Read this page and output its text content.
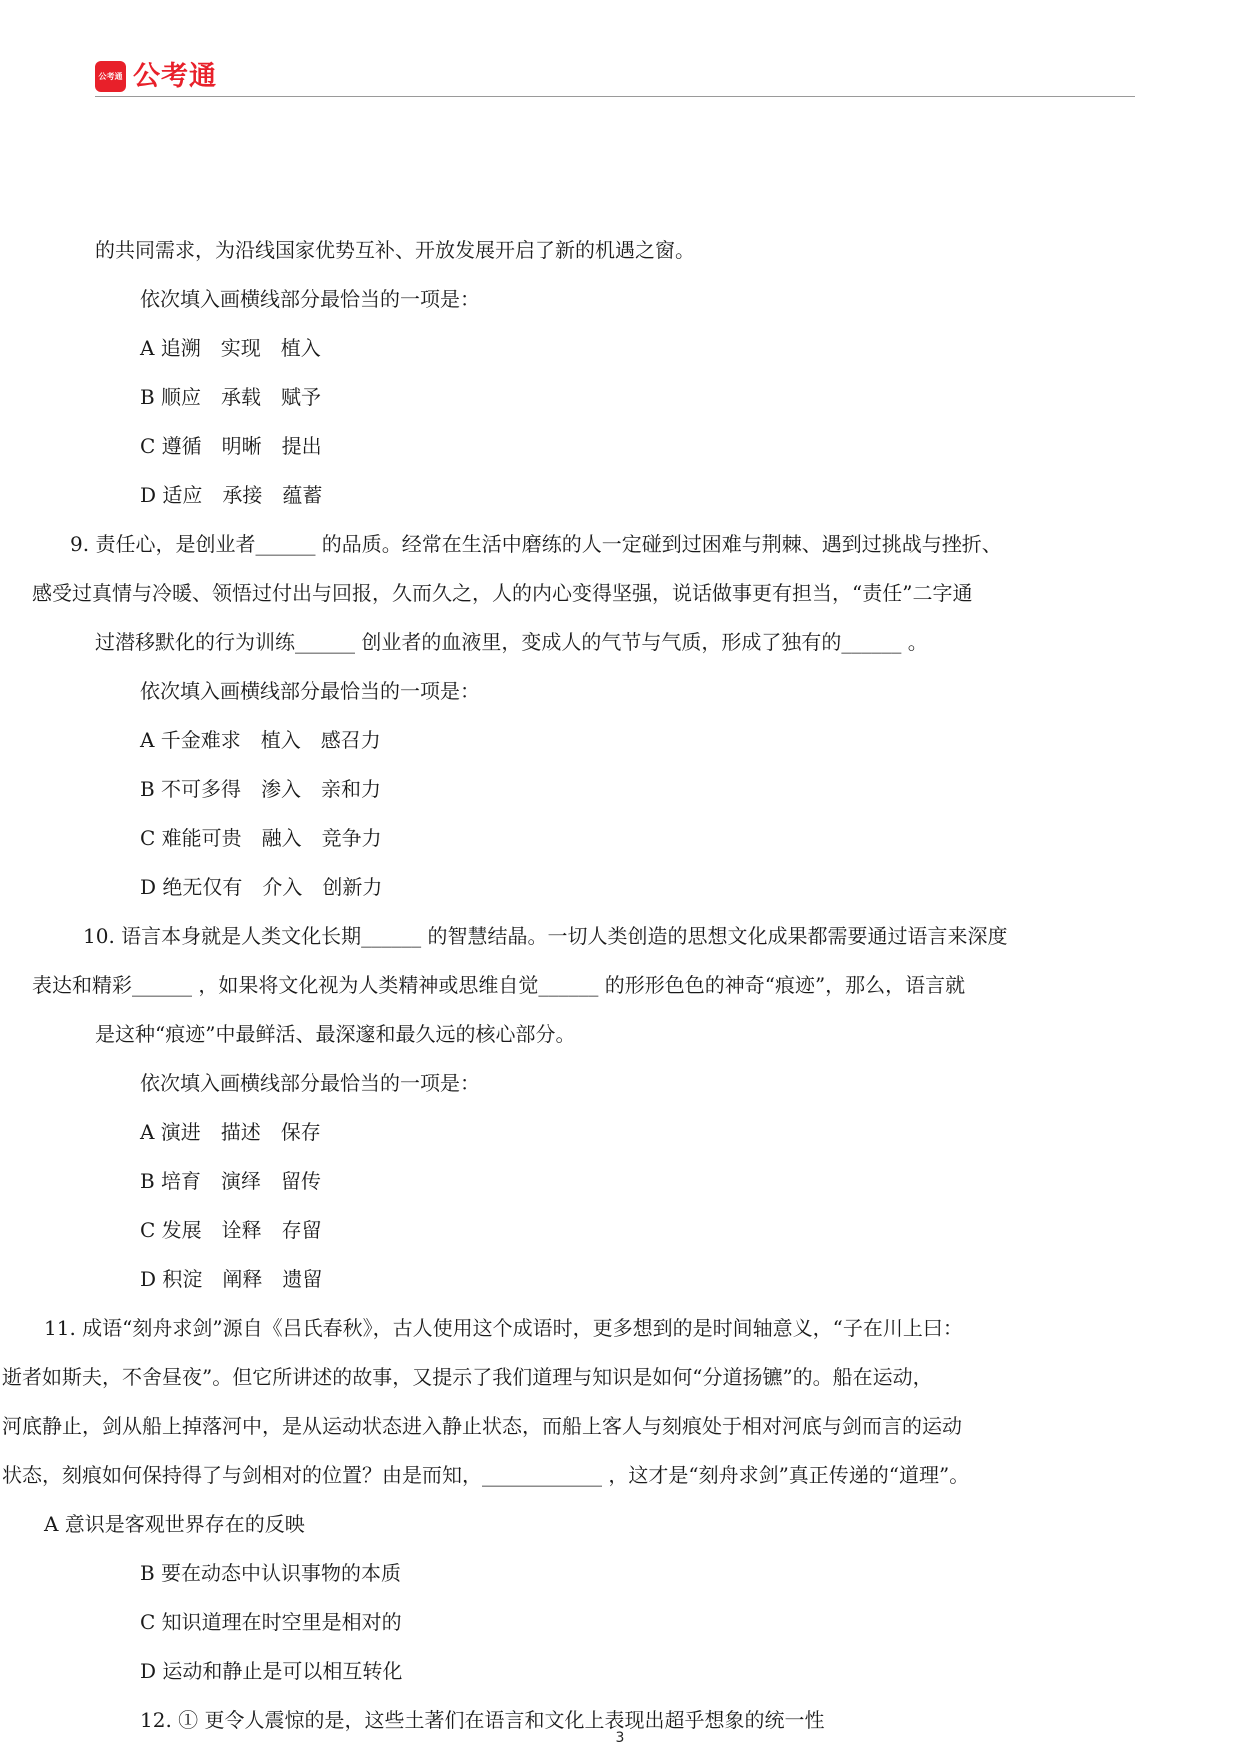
公考通 公考通
的共同需求，为沿线国家优势互补、开放发展开启了新的机遇之窗。
依次填入画横线部分最恰当的一项是：
A 追溯　实现　植入
B 顺应　承载　赋予
C 遵循　明晰　提出
D 适应　承接　蕴蓄
9. 责任心，是创业者______ 的品质。经常在生活中磨练的人一定碰到过困难与荆棘、遇到过挑战与挫折、
感受过真情与冷暖、领悟过付出与回报，久而久之，人的内心变得坚强，说话做事更有担当，“责任”二字通
过潜移默化的行为训练______ 创业者的血液里，变成人的气节与气质，形成了独有的______ 。
依次填入画横线部分最恰当的一项是：
A 千金难求　植入　感召力
B 不可多得　渗入　亲和力
C 难能可贵　融入　竞争力
D 绝无仅有　介入　创新力
10. 语言本身就是人类文化长期______ 的智慧结晶。一切人类创造的思想文化成果都需要通过语言来深度
表达和精彩______ ，如果将文化视为人类精神或思维自觉______ 的形形色色的神奇“痕迹”，那么，语言就
是这种“痕迹”中最鲜活、最深邃和最久远的核心部分。
依次填入画横线部分最恰当的一项是：
A 演进　描述　保存
B 培育　演绎　留传
C 发展　诠释　存留
D 积淀　阐释　遗留
11. 成语“刻舟求剑”源自《吕氏春秋》，古人使用这个成语时，更多想到的是时间轴意义，“子在川上曰：
逝者如斯夫，不舍昼夜”。但它所讲述的故事，又提示了我们道理与知识是如何“分道扬镳”的。船在运动，
河底静止，剑从船上掉落河中，是从运动状态进入静止状态，而船上客人与刻痕处于相对河底与剑而言的运动
状态，刻痕如何保持得了与剑相对的位置？由是而知，____________ ，这才是“刻舟求剑”真正传递的“道理”。
A 意识是客观世界存在的反映
B 要在动态中认识事物的本质
C 知识道理在时空里是相对的
D 运动和静止是可以相互转化
12. ① 更令人震惊的是，这些土著们在语言和文化上表现出超乎想象的统一性
3
